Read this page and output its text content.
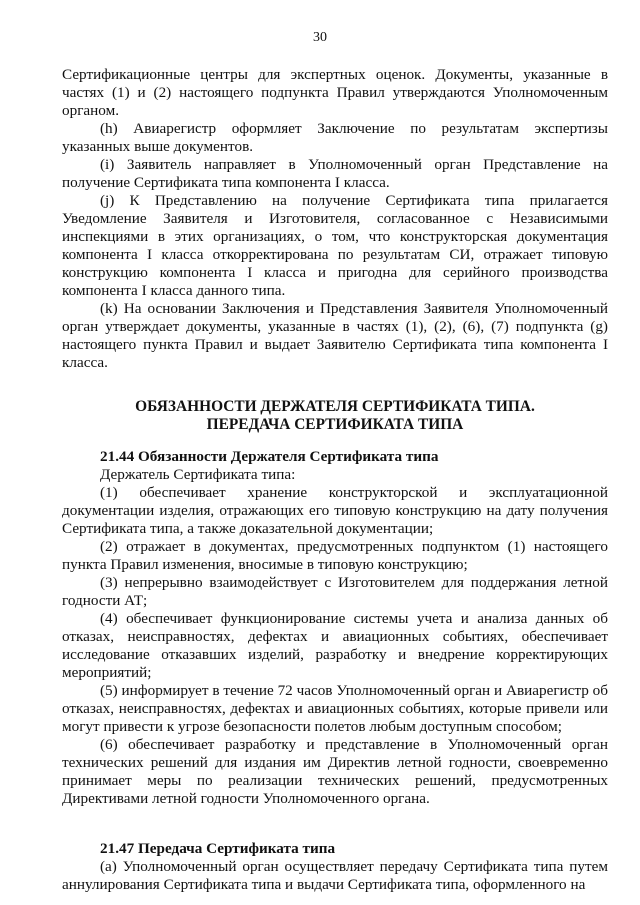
30

Сертификационные центры для экспертных оценок. Документы, указанные в частях (1) и (2) настоящего подпункта Правил утверждаются Уполномоченным органом.

(h) Авиарегистр оформляет Заключение по результатам экспертизы указанных выше документов.

(i) Заявитель направляет в Уполномоченный орган Представление на получение Сертификата типа компонента I класса.

(j) К Представлению на получение Сертификата типа прилагается Уведомление Заявителя и Изготовителя, согласованное с Независимыми инспекциями в этих организациях, о том, что конструкторская документация компонента I класса откорректирована по результатам СИ, отражает типовую конструкцию компонента I класса и пригодна для серийного производства компонента I класса данного типа.

(k) На основании Заключения и Представления Заявителя Уполномоченный орган утверждает документы, указанные в частях (1), (2), (6), (7) подпункта (g) настоящего пункта Правил и выдает Заявителю Сертификата типа компонента I класса.

ОБЯЗАННОСТИ ДЕРЖАТЕЛЯ СЕРТИФИКАТА ТИПА.

ПЕРЕДАЧА СЕРТИФИКАТА ТИПА

21.44 Обязанности Держателя Сертификата типа

Держатель Сертификата типа:

(1) обеспечивает хранение конструкторской и эксплуатационной документации изделия, отражающих его типовую конструкцию на дату получения Сертификата типа, а также доказательной документации;

(2) отражает в документах, предусмотренных подпунктом (1) настоящего пункта Правил изменения, вносимые в типовую конструкцию;

(3) непрерывно взаимодействует с Изготовителем для поддержания летной годности АТ;

(4) обеспечивает функционирование системы учета и анализа данных об отказах, неисправностях, дефектах и авиационных событиях, обеспечивает исследование отказавших изделий, разработку и внедрение корректирующих мероприятий;

(5) информирует в течение 72 часов Уполномоченный орган и Авиарегистр об отказах, неисправностях, дефектах и авиационных событиях, которые привели или могут привести к угрозе безопасности полетов любым доступным способом;

(6) обеспечивает разработку и представление в Уполномоченный орган технических решений для издания им Директив летной годности, своевременно принимает меры по реализации технических решений, предусмотренных Директивами летной годности Уполномоченного органа.

21.47 Передача Сертификата типа

(a) Уполномоченный орган осуществляет передачу Сертификата типа путем аннулирования Сертификата типа и выдачи Сертификата типа, оформленного на
